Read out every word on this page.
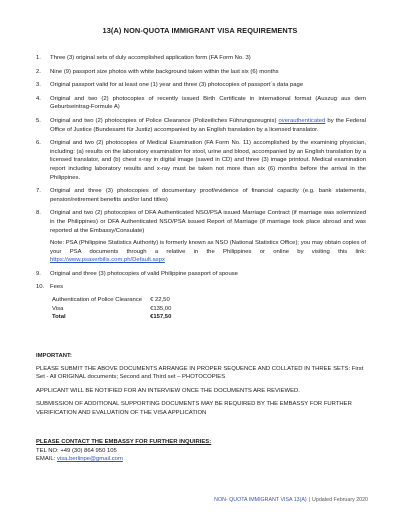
13(A) NON-QUOTA IMMIGRANT VISA REQUIREMENTS
1. Three (3) original sets of duly accomplished application form (FA Form No. 3)
2. Nine (9) passport size photos with white background taken within the last six (6) months
3. Original passport valid for at least one (1) year and three (3) photocopies of passport´s data page
4. Original and two (2) photocopies of recently issued Birth Certificate in international format (Auszug aus dem Geburtseintrag-Formule A)
5. Original and two (2) photocopies of Police Clearance (Polizeiliches Führungszeugnis) overauthenticated by the Federal Office of Justice (Bundesamt für Justiz) accompanied by an English translation by a licensed translator.
6. Original and two (2) photocopies of Medical Examination (FA Form No. 11) accomplished by the examining physician, including: (a) results on the laboratory examination for stool, urine and blood, accompanied by an English translation by a licensed translator, and (b) chest x-ray in digital image (saved in CD) and three (3) image printout. Medical examination report including laboratory results and x-ray must be taken not more than six (6) months before the arrival in the Philippines.
7. Original and three (3) photocopies of documentary proof/evidence of financial capacity (e.g. bank statements, pension/retirement benefits and/or land titles)
8. Original and two (2) photocopies of DFA Authenticated NSO/PSA issued Marriage Contract (if marriage was solemnized in the Philippines) or DFA Authenticated NSO/PSA issued Report of Marriage (if marriage took place abroad and was reported at the Embassy/Consulate)
Note: PSA (Philippine Statistics Authority) is formerly known as NSO (National Statistics Office); you may obtain copies of your PSA documents through a relative in the Philippines or online by visiting this link: https://www.psaserbilis.com.ph/Default.aspx
9. Original and three (3) photocopies of valid Philippine passport of spouse
10. Fees
Authentication of Police Clearance	€ 22,50
Visa	€135,00
Total	€157,50
IMPORTANT:

PLEASE SUBMIT THE ABOVE DOCUMENTS ARRANGE IN PROPER SEQUENCE AND COLLATED IN THREE SETS: First Set - All ORIGINAL documents; Second and Third set – PHOTOCOPIES

APPLICANT WILL BE NOTIFIED FOR AN INTERVIEW ONCE THE DOCUMENTS ARE REVIEWED.

SUBMISSION OF ADDITIONAL SUPPORTING DOCUMENTS MAY BE REQUIRED BY THE EMBASSY FOR FURTHER VERIFICATION AND EVALUATION OF THE VISA APPLICATION

PLEASE CONTACT THE EMBASSY FOR FURTHER INQUIRIES:
TEL NO: +49 (30) 864 950 105
EMAIL: visa.berlinpe@gmail.com
NON- QUOTA IMMIGRANT VISA 13(A) | Updated February 2020
